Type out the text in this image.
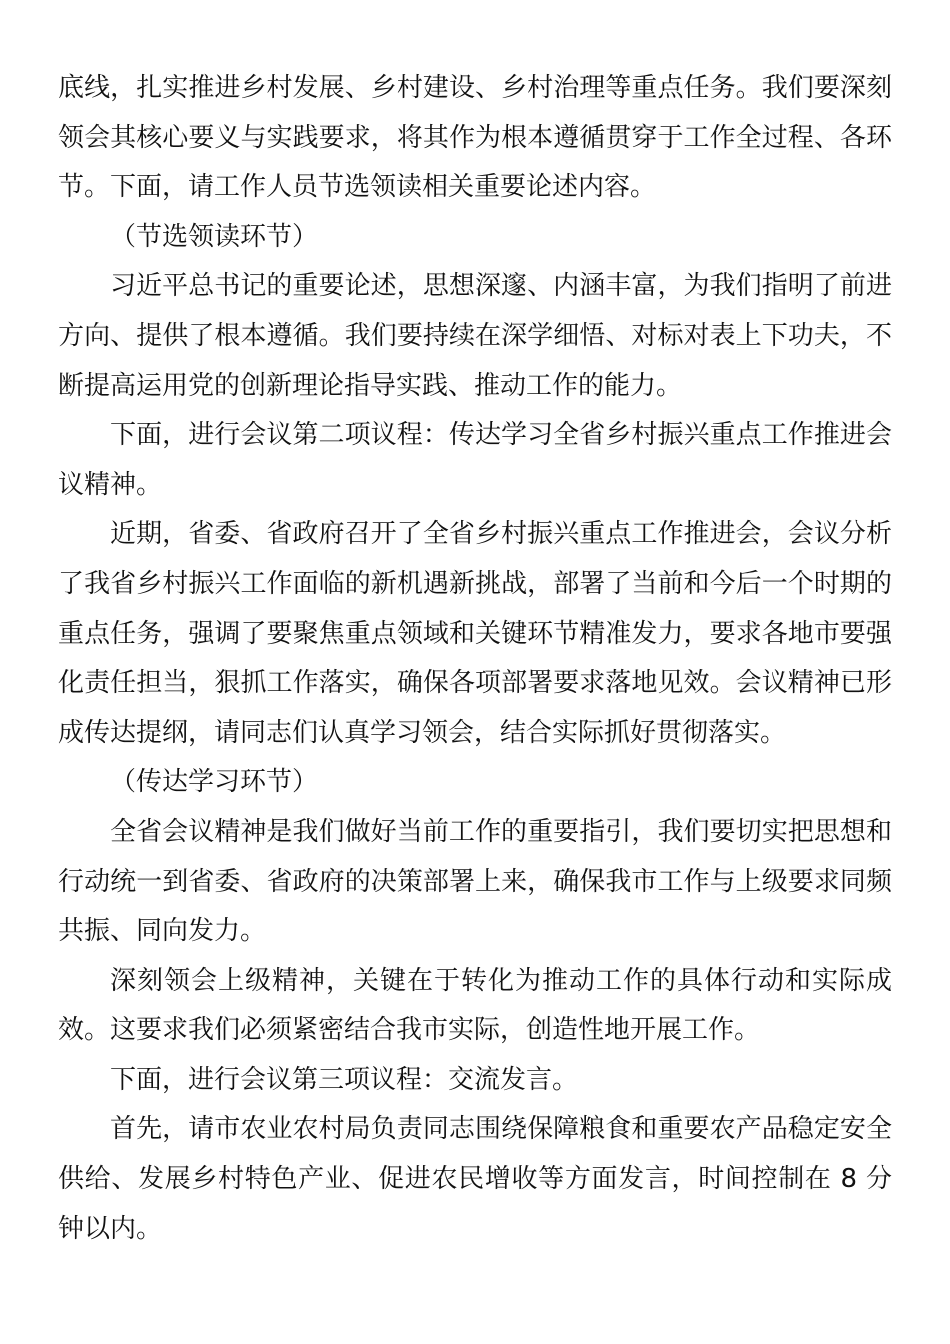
底线，扎实推进乡村发展、乡村建设、乡村治理等重点任务。我们要深刻领会其核心要义与实践要求，将其作为根本遵循贯穿于工作全过程、各环节。下面，请工作人员节选领读相关重要论述内容。

（节选领读环节）

习近平总书记的重要论述，思想深邃、内涵丰富，为我们指明了前进方向、提供了根本遵循。我们要持续在深学细悟、对标对表上下功夫，不断提高运用党的创新理论指导实践、推动工作的能力。

下面，进行会议第二项议程：传达学习全省乡村振兴重点工作推进会议精神。

近期，省委、省政府召开了全省乡村振兴重点工作推进会，会议分析了我省乡村振兴工作面临的新机遇新挑战，部署了当前和今后一个时期的重点任务，强调了要聚焦重点领域和关键环节精准发力，要求各地市要强化责任担当，狠抓工作落实，确保各项部署要求落地见效。会议精神已形成传达提纲，请同志们认真学习领会，结合实际抓好贯彻落实。

（传达学习环节）

全省会议精神是我们做好当前工作的重要指引，我们要切实把思想和行动统一到省委、省政府的决策部署上来，确保我市工作与上级要求同频共振、同向发力。

深刻领会上级精神，关键在于转化为推动工作的具体行动和实际成效。这要求我们必须紧密结合我市实际，创造性地开展工作。

下面，进行会议第三项议程：交流发言。

首先，请市农业农村局负责同志围绕保障粮食和重要农产品稳定安全供给、发展乡村特色产业、促进农民增收等方面发言，时间控制在 8 分钟以内。
